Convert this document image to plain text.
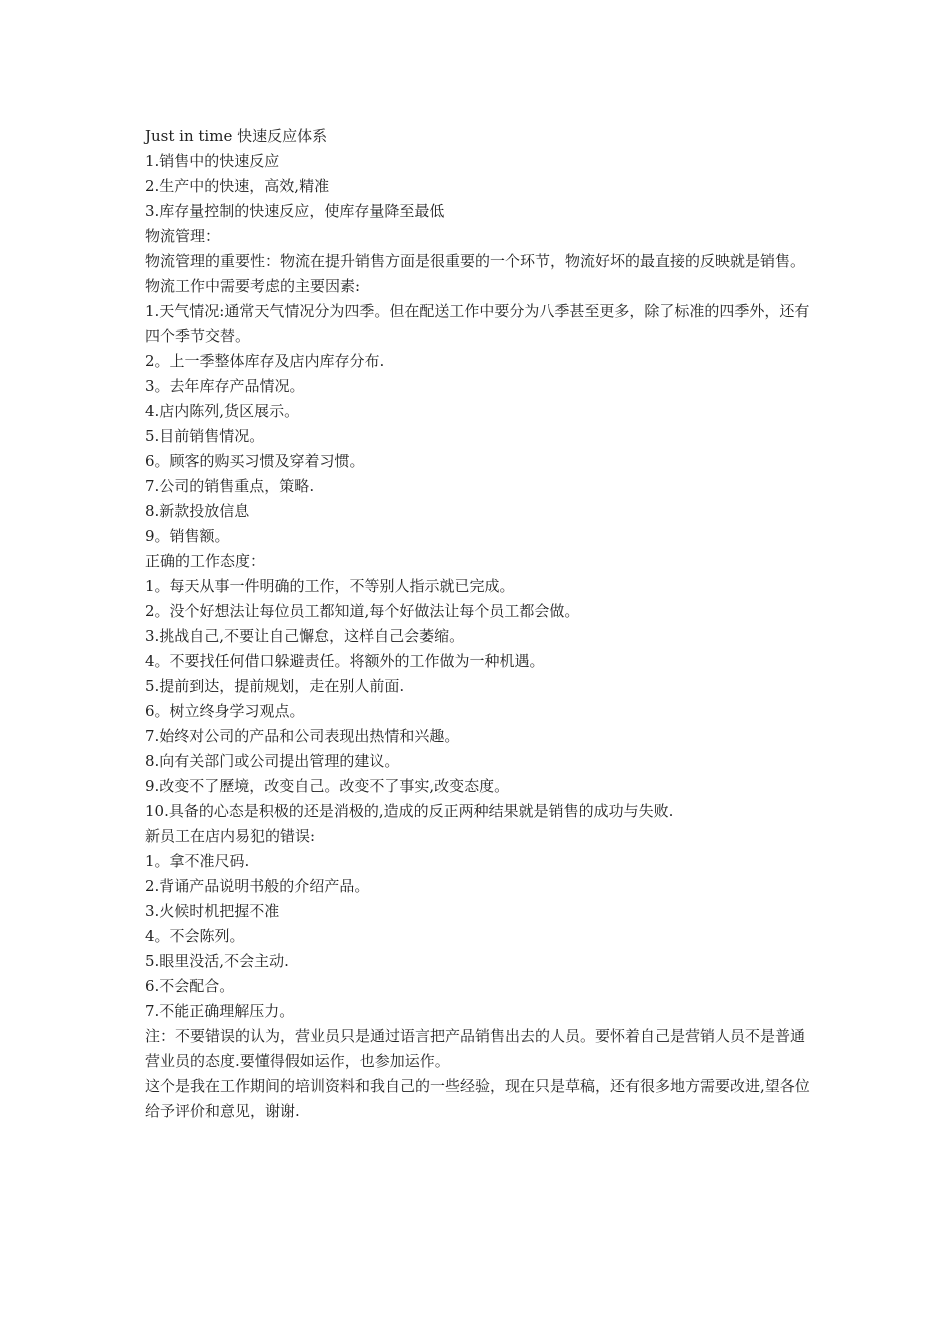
Just in time 快速反应体系

1.销售中的快速反应

2.生产中的快速，高效,精准

3.库存量控制的快速反应，使库存量降至最低

物流管理：

物流管理的重要性：物流在提升销售方面是很重要的一个环节，物流好坏的最直接的反映就是销售。

物流工作中需要考虑的主要因素:

1.天气情况:通常天气情况分为四季。但在配送工作中要分为八季甚至更多，除了标准的四季外，还有四个季节交替。

2。上一季整体库存及店内库存分布.

3。去年库存产品情况。

4.店内陈列,货区展示。

5.目前销售情况。

6。顾客的购买习惯及穿着习惯。

7.公司的销售重点，策略.

8.新款投放信息

9。销售额。

正确的工作态度：

1。每天从事一件明确的工作，不等别人指示就已完成。

2。没个好想法让每位员工都知道,每个好做法让每个员工都会做。

3.挑战自己,不要让自己懈怠，这样自己会萎缩。

4。不要找任何借口躲避责任。将额外的工作做为一种机遇。

5.提前到达，提前规划，走在别人前面.

6。树立终身学习观点。

7.始终对公司的产品和公司表现出热情和兴趣。

8.向有关部门或公司提出管理的建议。

9.改变不了歷境，改变自己。改变不了事实,改变态度。

10.具备的心态是积极的还是消极的,造成的反正两种结果就是销售的成功与失败.

新员工在店内易犯的错误:

1。拿不准尺码.

2.背诵产品说明书般的介绍产品。

3.火候时机把握不准

4。不会陈列。

5.眼里没活,不会主动.

6.不会配合。

7.不能正确理解压力。

注：不要错误的认为，营业员只是通过语言把产品销售出去的人员。要怀着自己是营销人员不是普通营业员的态度.要懂得假如运作，也参加运作。

这个是我在工作期间的培训资料和我自己的一些经验，现在只是草稿，还有很多地方需要改进,望各位给予评价和意见，谢谢.
